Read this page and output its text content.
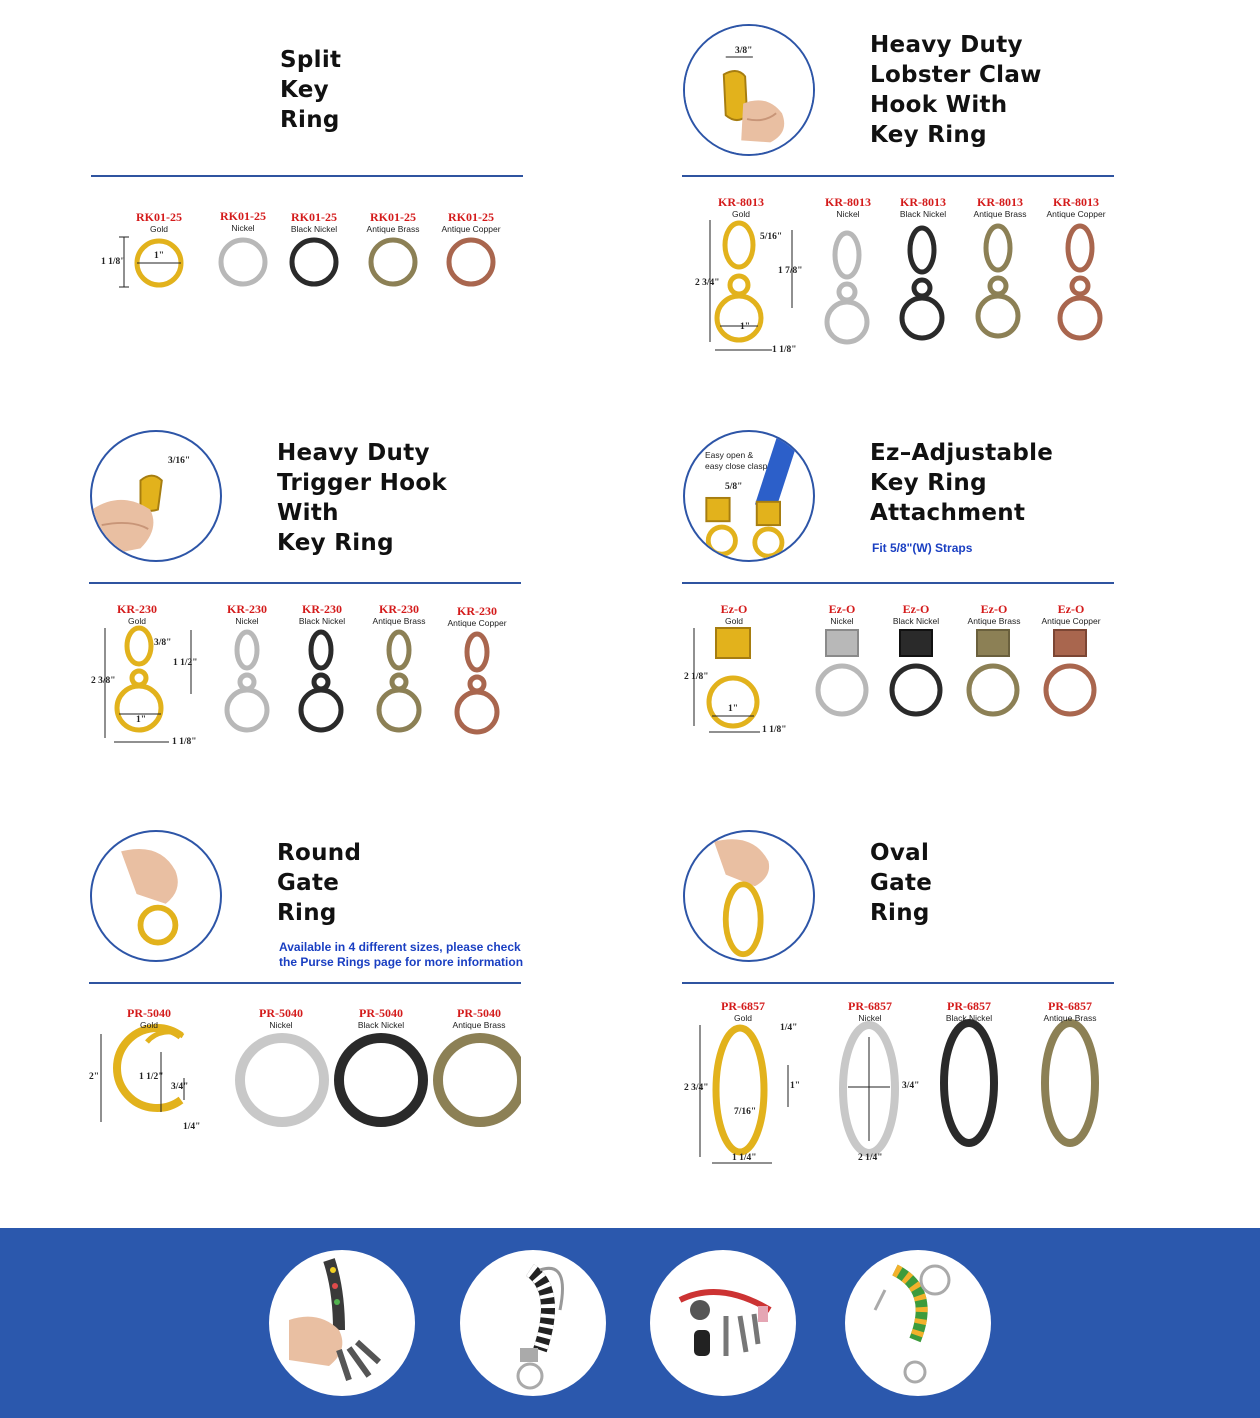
Split
Key
Ring
1 1/8"
1"
RK01-25
Gold
RK01-25
Nickel
RK01-25
Black Nickel
RK01-25
Antique Brass
RK01-25
Antique Copper
3/8"	Heavy Duty
Lobster Claw
Hook With
Key Ring
2 3/4"
1 7/8"
5/16"
1"
1 1/8"
KR-8013
Gold
KR-8013
Nickel
KR-8013
Black Nickel
KR-8013
Antique Brass
KR-8013
Antique Copper
3/16"	Heavy Duty
Trigger Hook
With
Key Ring
2 3/8"
1 1/2"
3/8"
1"
1 1/8"
KR-230
Gold
KR-230
Nickel
KR-230
Black Nickel
KR-230
Antique Brass
KR-230
Antique Copper
Easy open &
easy close clasp
5/8"
Ez–Adjustable
Key Ring
Attachment
Fit 5/8"(W) Straps
2 1/8"
1"
1 1/8"
Ez-O
Gold
Ez-O
Nickel
Ez-O
Black Nickel
Ez-O
Antique Brass
Ez-O
Antique Copper
Round
Gate
Ring
Available in 4 different sizes, please check
the Purse Rings page for more information
2"	1 1/2"
3/4"
1/4"
PR-5040
Gold
PR-5040
Nickel
PR-5040
Black Nickel
PR-5040
Antique Brass
Oval
Gate
Ring
2 3/4"
1/4"
1"
7/16"
1 1/4"	2 1/4"
3/4"
PR-6857
Gold
PR-6857
Nickel
PR-6857
Black Nickel
PR-6857
Antique Brass
